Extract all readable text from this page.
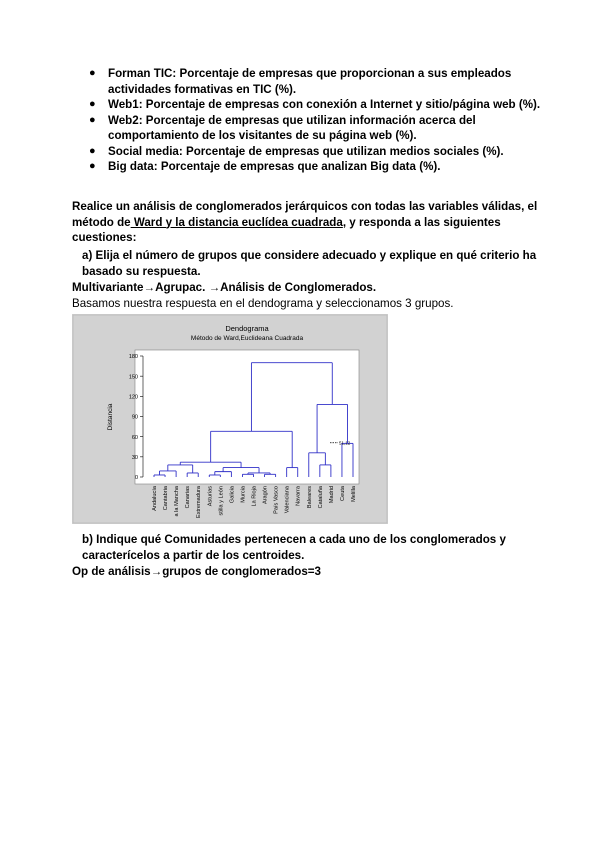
● Forman TIC: Porcentaje de empresas que proporcionan a sus empleados actividades formativas en TIC (%).
● Web1: Porcentaje de empresas con conexión a Internet y sitio/página web (%).
● Web2: Porcentaje de empresas que utilizan información acerca del comportamiento de los visitantes de su página web (%).
● Social media: Porcentaje de empresas que utilizan medios sociales (%).
● Big data: Porcentaje de empresas que analizan Big data (%).
Realice un análisis de conglomerados jerárquicos con todas las variables válidas, el método de Ward y la distancia euclídea cuadrada, y responda a las siguientes cuestiones:
a) Elija el número de grupos que considere adecuado y explique en qué criterio ha basado su respuesta.
Multivariante→Agrupac. →Análisis de Conglomerados.
Basamos nuestra respuesta en el dendograma y seleccionamos 3 grupos.
Dendograma
Método de Ward,Euclideana Cuadrada
Distancia
0
30
60
90
120
150
180
51,12
Andalucía Cantabria a la Mancha Canarias Extremadura Asturias stilla y León Galicia Murcia La Rioja Aragón País Vasco Valenciana Navarra Baleares Cataluña Madrid Ceuta Melilla
b) Indique qué Comunidades pertenecen a cada uno de los conglomerados y caracterícelos a partir de los centroides.
Op de análisis→grupos de conglomerados=3
